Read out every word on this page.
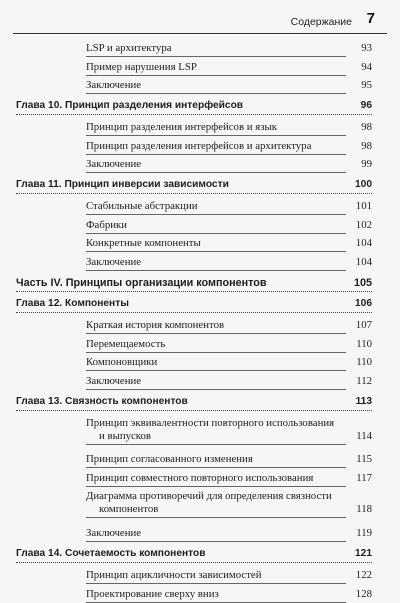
Содержание 7
LSP и архитектура	93
Пример нарушения LSP	94
Заключение	95
Глава 10. Принцип разделения интерфейсов	96
Принцип разделения интерфейсов и язык	98
Принцип разделения интерфейсов и архитектура	98
Заключение	99
Глава 11. Принцип инверсии зависимости	100
Стабильные абстракции	101
Фабрики	102
Конкретные компоненты	104
Заключение	104
Часть IV. Принципы организации компонентов	105
Глава 12. Компоненты	106
Краткая история компонентов	107
Перемещаемость	110
Компоновщики	110
Заключение	112
Глава 13. Связность компонентов	113
Принцип эквивалентности повторного использования
и выпусков	114
Принцип согласованного изменения	115
Принцип совместного повторного использования	117
Диаграмма противоречий для определения связности
компонентов	118
Заключение	119
Глава 14. Сочетаемость компонентов	121
Принцип ацикличности зависимостей	122
Проектирование сверху вниз	128
